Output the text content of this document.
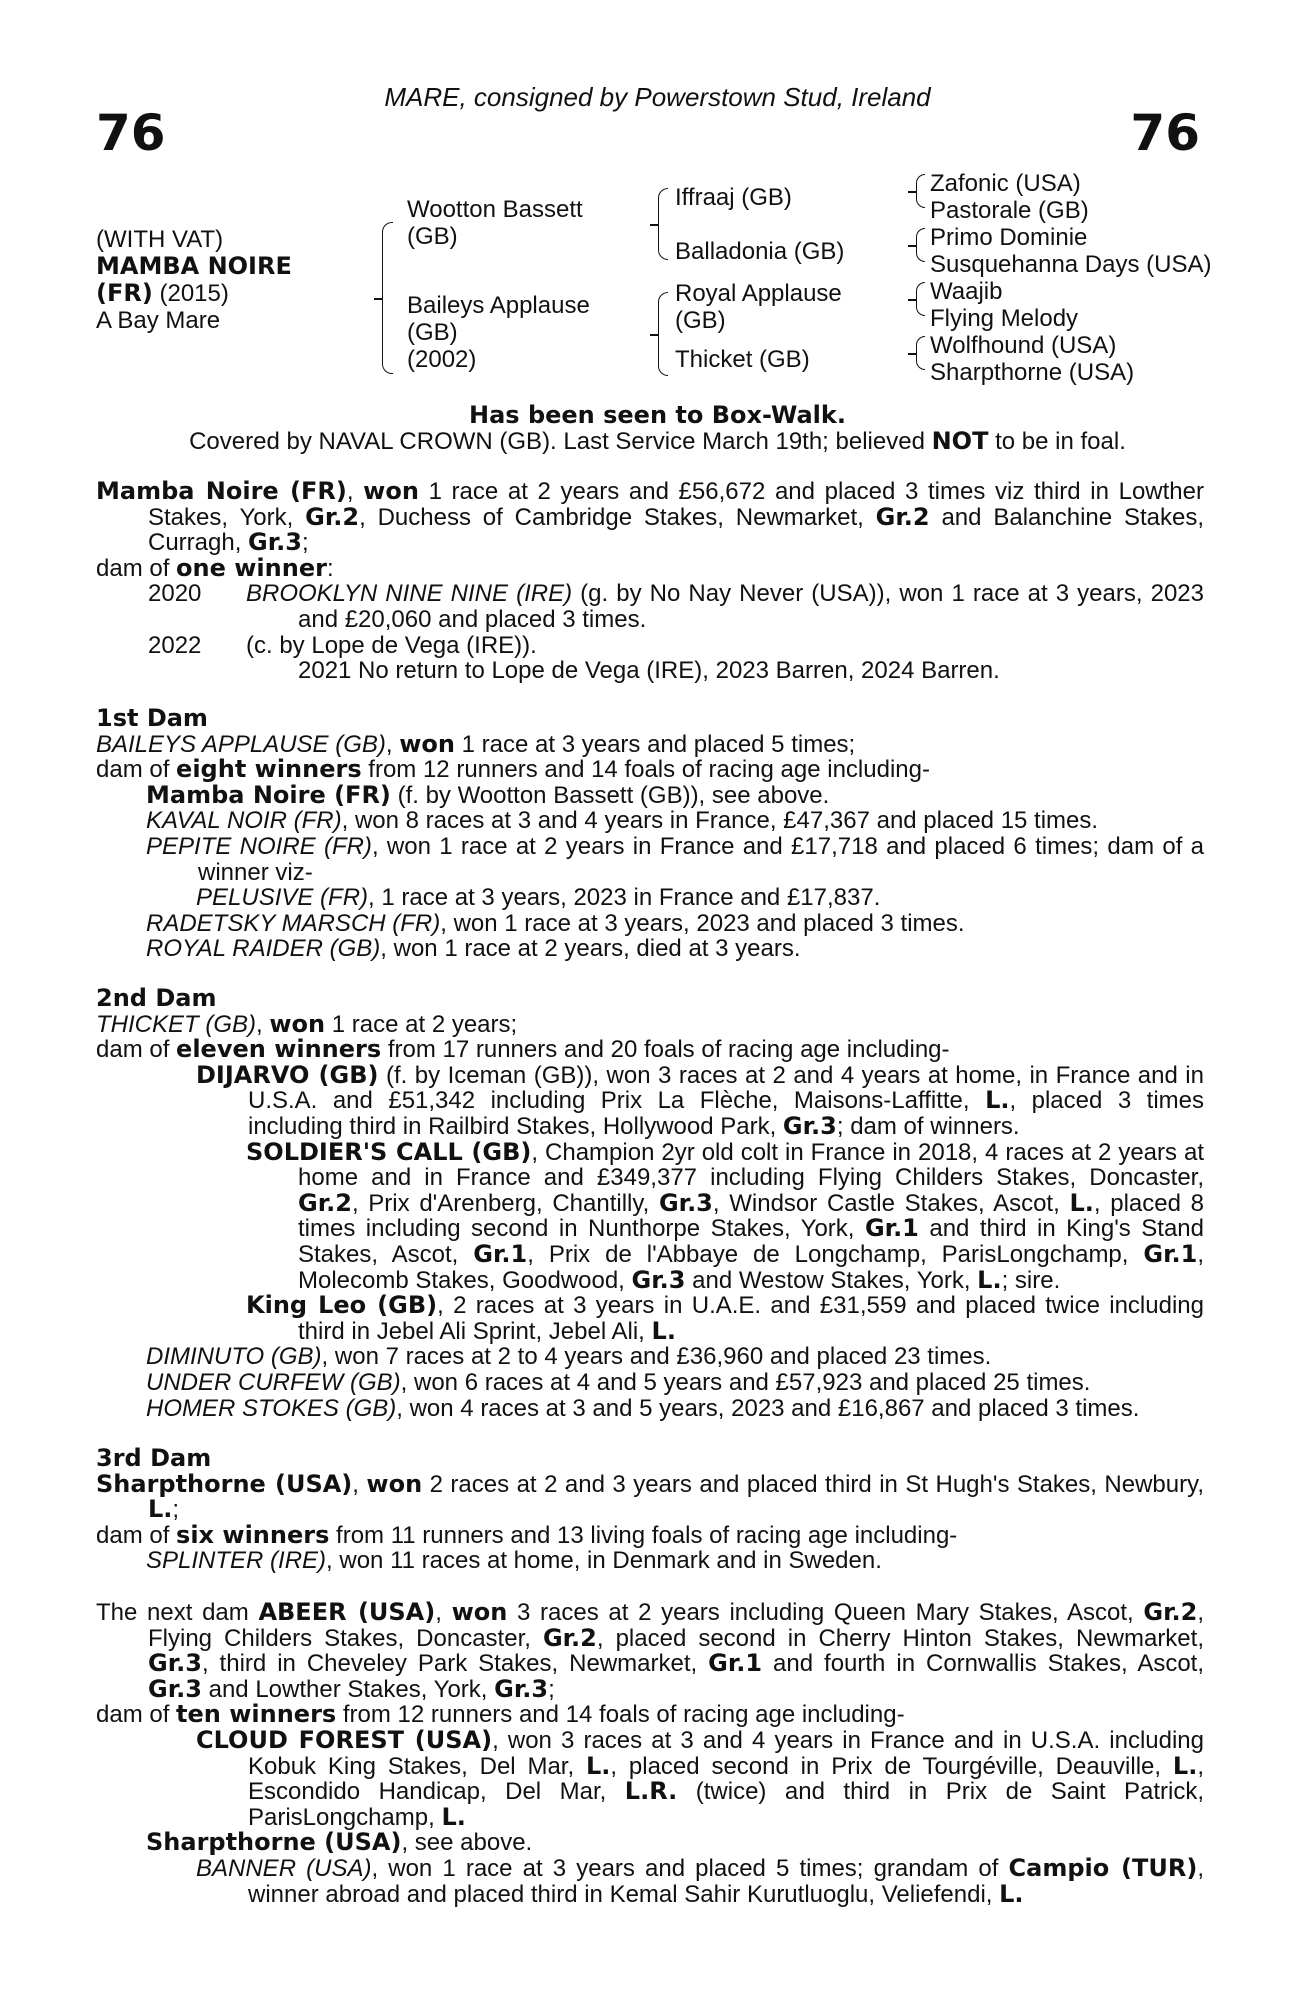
MARE, consigned by Powerstown Stud, Ireland
76	76
(WITH VAT)
MAMBA NOIRE
(FR) (2015)
A Bay Mare
Wootton Bassett
(GB)
Baileys Applause
(GB)
(2002)
Iffraaj (GB)
Balladonia (GB)
Royal Applause
(GB)
Thicket (GB)
Zafonic (USA)
Pastorale (GB)
Primo Dominie
Susquehanna Days (USA)
Waajib
Flying Melody
Wolfhound (USA)
Sharpthorne (USA)
Has been seen to Box-Walk.
Covered by NAVAL CROWN (GB). Last Service March 19th; believed NOT to be in foal.

Mamba Noire (FR), won 1 race at 2 years and £56,672 and placed 3 times viz third in Lowther Stakes, York, Gr.2, Duchess of Cambridge Stakes, Newmarket, Gr.2 and Balanchine Stakes, Curragh, Gr.3;

dam of one winner:

2020	BROOKLYN NINE NINE (IRE) (g. by No Nay Never (USA)), won 1 race at 3 years, 2023 and £20,060 and placed 3 times.
2022	(c. by Lope de Vega (IRE)).
2021 No return to Lope de Vega (IRE), 2023 Barren, 2024 Barren.

1st Dam

BAILEYS APPLAUSE (GB), won 1 race at 3 years and placed 5 times;

dam of eight winners from 12 runners and 14 foals of racing age including-

Mamba Noire (FR) (f. by Wootton Bassett (GB)), see above.

KAVAL NOIR (FR), won 8 races at 3 and 4 years in France, £47,367 and placed 15 times.

PEPITE NOIRE (FR), won 1 race at 2 years in France and £17,718 and placed 6 times; dam of a winner viz-

PELUSIVE (FR), 1 race at 3 years, 2023 in France and £17,837.

RADETSKY MARSCH (FR), won 1 race at 3 years, 2023 and placed 3 times.

ROYAL RAIDER (GB), won 1 race at 2 years, died at 3 years.

2nd Dam

THICKET (GB), won 1 race at 2 years;

dam of eleven winners from 17 runners and 20 foals of racing age including-

DIJARVO (GB) (f. by Iceman (GB)), won 3 races at 2 and 4 years at home, in France and in U.S.A. and £51,342 including Prix La Flèche, Maisons-Laffitte, L., placed 3 times including third in Railbird Stakes, Hollywood Park, Gr.3; dam of winners.

SOLDIER'S CALL (GB), Champion 2yr old colt in France in 2018, 4 races at 2 years at home and in France and £349,377 including Flying Childers Stakes, Doncaster, Gr.2, Prix d'Arenberg, Chantilly, Gr.3, Windsor Castle Stakes, Ascot, L., placed 8 times including second in Nunthorpe Stakes, York, Gr.1 and third in King's Stand Stakes, Ascot, Gr.1, Prix de l'Abbaye de Longchamp, ParisLongchamp, Gr.1, Molecomb Stakes, Goodwood, Gr.3 and Westow Stakes, York, L.; sire.

King Leo (GB), 2 races at 3 years in U.A.E. and £31,559 and placed twice including third in Jebel Ali Sprint, Jebel Ali, L.

DIMINUTO (GB), won 7 races at 2 to 4 years and £36,960 and placed 23 times.

UNDER CURFEW (GB), won 6 races at 4 and 5 years and £57,923 and placed 25 times.

HOMER STOKES (GB), won 4 races at 3 and 5 years, 2023 and £16,867 and placed 3 times.

3rd Dam

Sharpthorne (USA), won 2 races at 2 and 3 years and placed third in St Hugh's Stakes, Newbury, L.;

dam of six winners from 11 runners and 13 living foals of racing age including-

SPLINTER (IRE), won 11 races at home, in Denmark and in Sweden.

The next dam ABEER (USA), won 3 races at 2 years including Queen Mary Stakes, Ascot, Gr.2, Flying Childers Stakes, Doncaster, Gr.2, placed second in Cherry Hinton Stakes, Newmarket, Gr.3, third in Cheveley Park Stakes, Newmarket, Gr.1 and fourth in Cornwallis Stakes, Ascot, Gr.3 and Lowther Stakes, York, Gr.3;

dam of ten winners from 12 runners and 14 foals of racing age including-

CLOUD FOREST (USA), won 3 races at 3 and 4 years in France and in U.S.A. including Kobuk King Stakes, Del Mar, L., placed second in Prix de Tourgéville, Deauville, L., Escondido Handicap, Del Mar, L.R. (twice) and third in Prix de Saint Patrick, ParisLongchamp, L.

Sharpthorne (USA), see above.

BANNER (USA), won 1 race at 3 years and placed 5 times; grandam of Campio (TUR), winner abroad and placed third in Kemal Sahir Kurutluoglu, Veliefendi, L.
